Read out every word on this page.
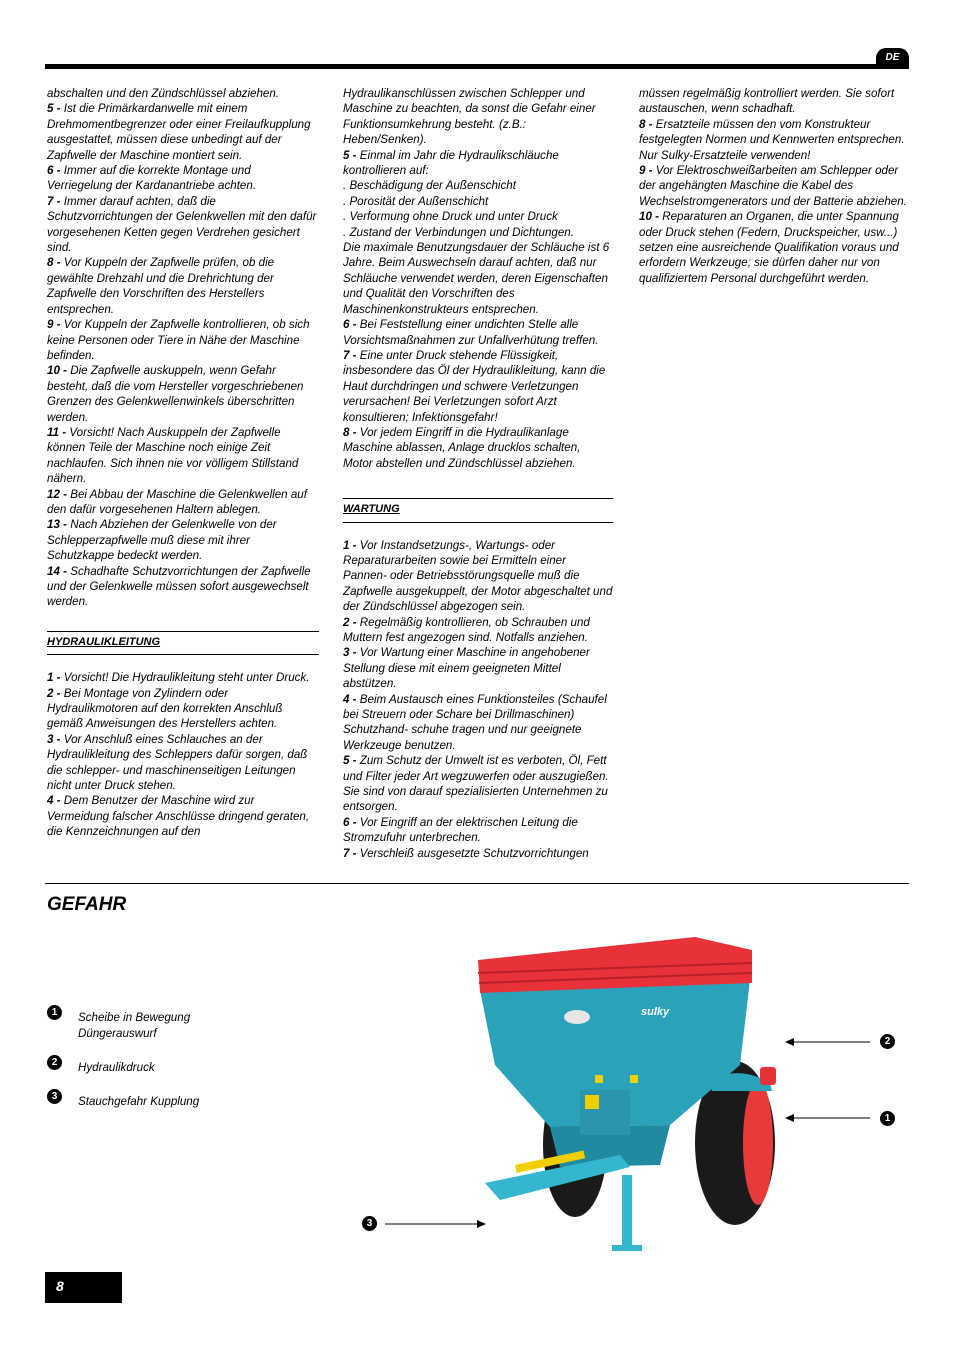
DE

abschalten und den Zündschlüssel abziehen.

5 - Ist die Primärkardanwelle mit einem Drehmomentbegrenzer oder einer Freilaufkupplung ausgestattet, müssen diese unbedingt auf der Zapfwelle der Maschine montiert sein.

6 - Immer auf die korrekte Montage und Verriegelung der Kardanantriebe achten.

7 - Immer darauf achten, daß die Schutzvorrichtungen der Gelenkwellen mit den dafür vorgesehenen Ketten gegen Verdrehen gesichert sind.

8 - Vor Kuppeln der Zapfwelle prüfen, ob die gewählte Drehzahl und die Drehrichtung der Zapfwelle den Vorschriften des Herstellers entsprechen.

9 - Vor Kuppeln der Zapfwelle kontrollieren, ob sich keine Personen oder Tiere in Nähe der Maschine befinden.

10 - Die Zapfwelle auskuppeln, wenn Gefahr besteht, daß die vom Hersteller vorgeschriebenen Grenzen des Gelenkwellenwinkels überschritten werden.

11 - Vorsicht! Nach Auskuppeln der Zapfwelle können Teile der Maschine noch einige Zeit nachlaufen. Sich ihnen nie vor völligem Stillstand nähern.

12 - Bei Abbau der Maschine die Gelenkwellen auf den dafür vorgesehenen Haltern ablegen.

13 - Nach Abziehen der Gelenkwelle von der Schlepperzapfwelle muß diese mit ihrer Schutzkappe bedeckt werden.

14 - Schadhafte Schutzvorrichtungen der Zapfwelle und der Gelenkwelle müssen sofort ausgewechselt werden.

HYDRAULIKLEITUNG

1 - Vorsicht! Die Hydraulikleitung steht unter Druck.

2 - Bei Montage von Zylindern oder Hydraulikmotoren auf den korrekten Anschluß gemäß Anweisungen des Herstellers achten.

3 - Vor Anschluß eines Schlauches an der Hydraulikleitung des Schleppers dafür sorgen, daß die schlepper- und maschinenseitigen Leitungen nicht unter Druck stehen.

4 - Dem Benutzer der Maschine wird zur Vermeidung falscher Anschlüsse dringend geraten, die Kennzeichnungen auf den

Hydraulikanschlüssen zwischen Schlepper und Maschine zu beachten, da sonst die Gefahr einer Funktionsumkehrung besteht. (z.B.: Heben/Senken).

5 - Einmal im Jahr die Hydraulikschläuche kontrollieren auf:

. Beschädigung der Außenschicht

. Porosität der Außenschicht

. Verformung ohne Druck und unter Druck

. Zustand der Verbindungen und Dichtungen.

Die maximale Benutzungsdauer der Schläuche ist 6 Jahre. Beim Auswechseln darauf achten, daß nur Schläuche verwendet werden, deren Eigenschaften und Qualität den Vorschriften des Maschinenkonstrukteurs entsprechen.

6 - Bei Feststellung einer undichten Stelle alle Vorsichtsmaßnahmen zur Unfallverhütung treffen.

7 - Eine unter Druck stehende Flüssigkeit, insbesondere das Öl der Hydraulikleitung, kann die Haut durchdringen und schwere Verletzungen verursachen! Bei Verletzungen sofort Arzt konsultieren; Infektionsgefahr!

8 - Vor jedem Eingriff in die Hydraulikanlage Maschine ablassen, Anlage drucklos schalten, Motor abstellen und Zündschlüssel abziehen.

WARTUNG

1 - Vor Instandsetzungs-, Wartungs- oder Reparaturarbeiten sowie bei Ermitteln einer Pannen- oder Betriebsstörungsquelle muß die Zapfwelle ausgekuppelt, der Motor abgeschaltet und der Zündschlüssel abgezogen sein.

2 - Regelmäßig kontrollieren, ob Schrauben und Muttern fest angezogen sind. Notfalls anziehen.

3 - Vor Wartung einer Maschine in angehobener Stellung diese mit einem geeigneten Mittel abstützen.

4 - Beim Austausch eines Funktionsteiles (Schaufel bei Streuern oder Schare bei Drillmaschinen) Schutzhand- schuhe tragen und nur geeignete Werkzeuge benutzen.

5 - Zum Schutz der Umwelt ist es verboten, Öl, Fett und Filter jeder Art wegzuwerfen oder auszugießen. Sie sind von darauf spezialisierten Unternehmen zu entsorgen.

6 - Vor Eingriff an der elektrischen Leitung die Stromzufuhr unterbrechen.

7 - Verschleiß ausgesetzte Schutzvorrichtungen

müssen regelmäßig kontrolliert werden. Sie sofort austauschen, wenn schadhaft.

8 - Ersatzteile müssen den vom Konstrukteur festgelegten Normen und Kennwerten entsprechen. Nur Sulky-Ersatzteile verwenden!

9 - Vor Elektroschweißarbeiten am Schlepper oder der angehängten Maschine die Kabel des Wechselstromgenerators und der Batterie abziehen.

10 - Reparaturen an Organen, die unter Spannung oder Druck stehen (Federn, Druckspeicher, usw...) setzen eine ausreichende Qualifikation voraus und erfordern Werkzeuge; sie dürfen daher nur von qualifiziertem Personal durchgeführt werden.

GEFAHR
1	Scheibe in Bewegung
Düngerauswurf
2	Hydraulikdruck
3	Stauchgefahr Kupplung
sulky
2
1
3
8
